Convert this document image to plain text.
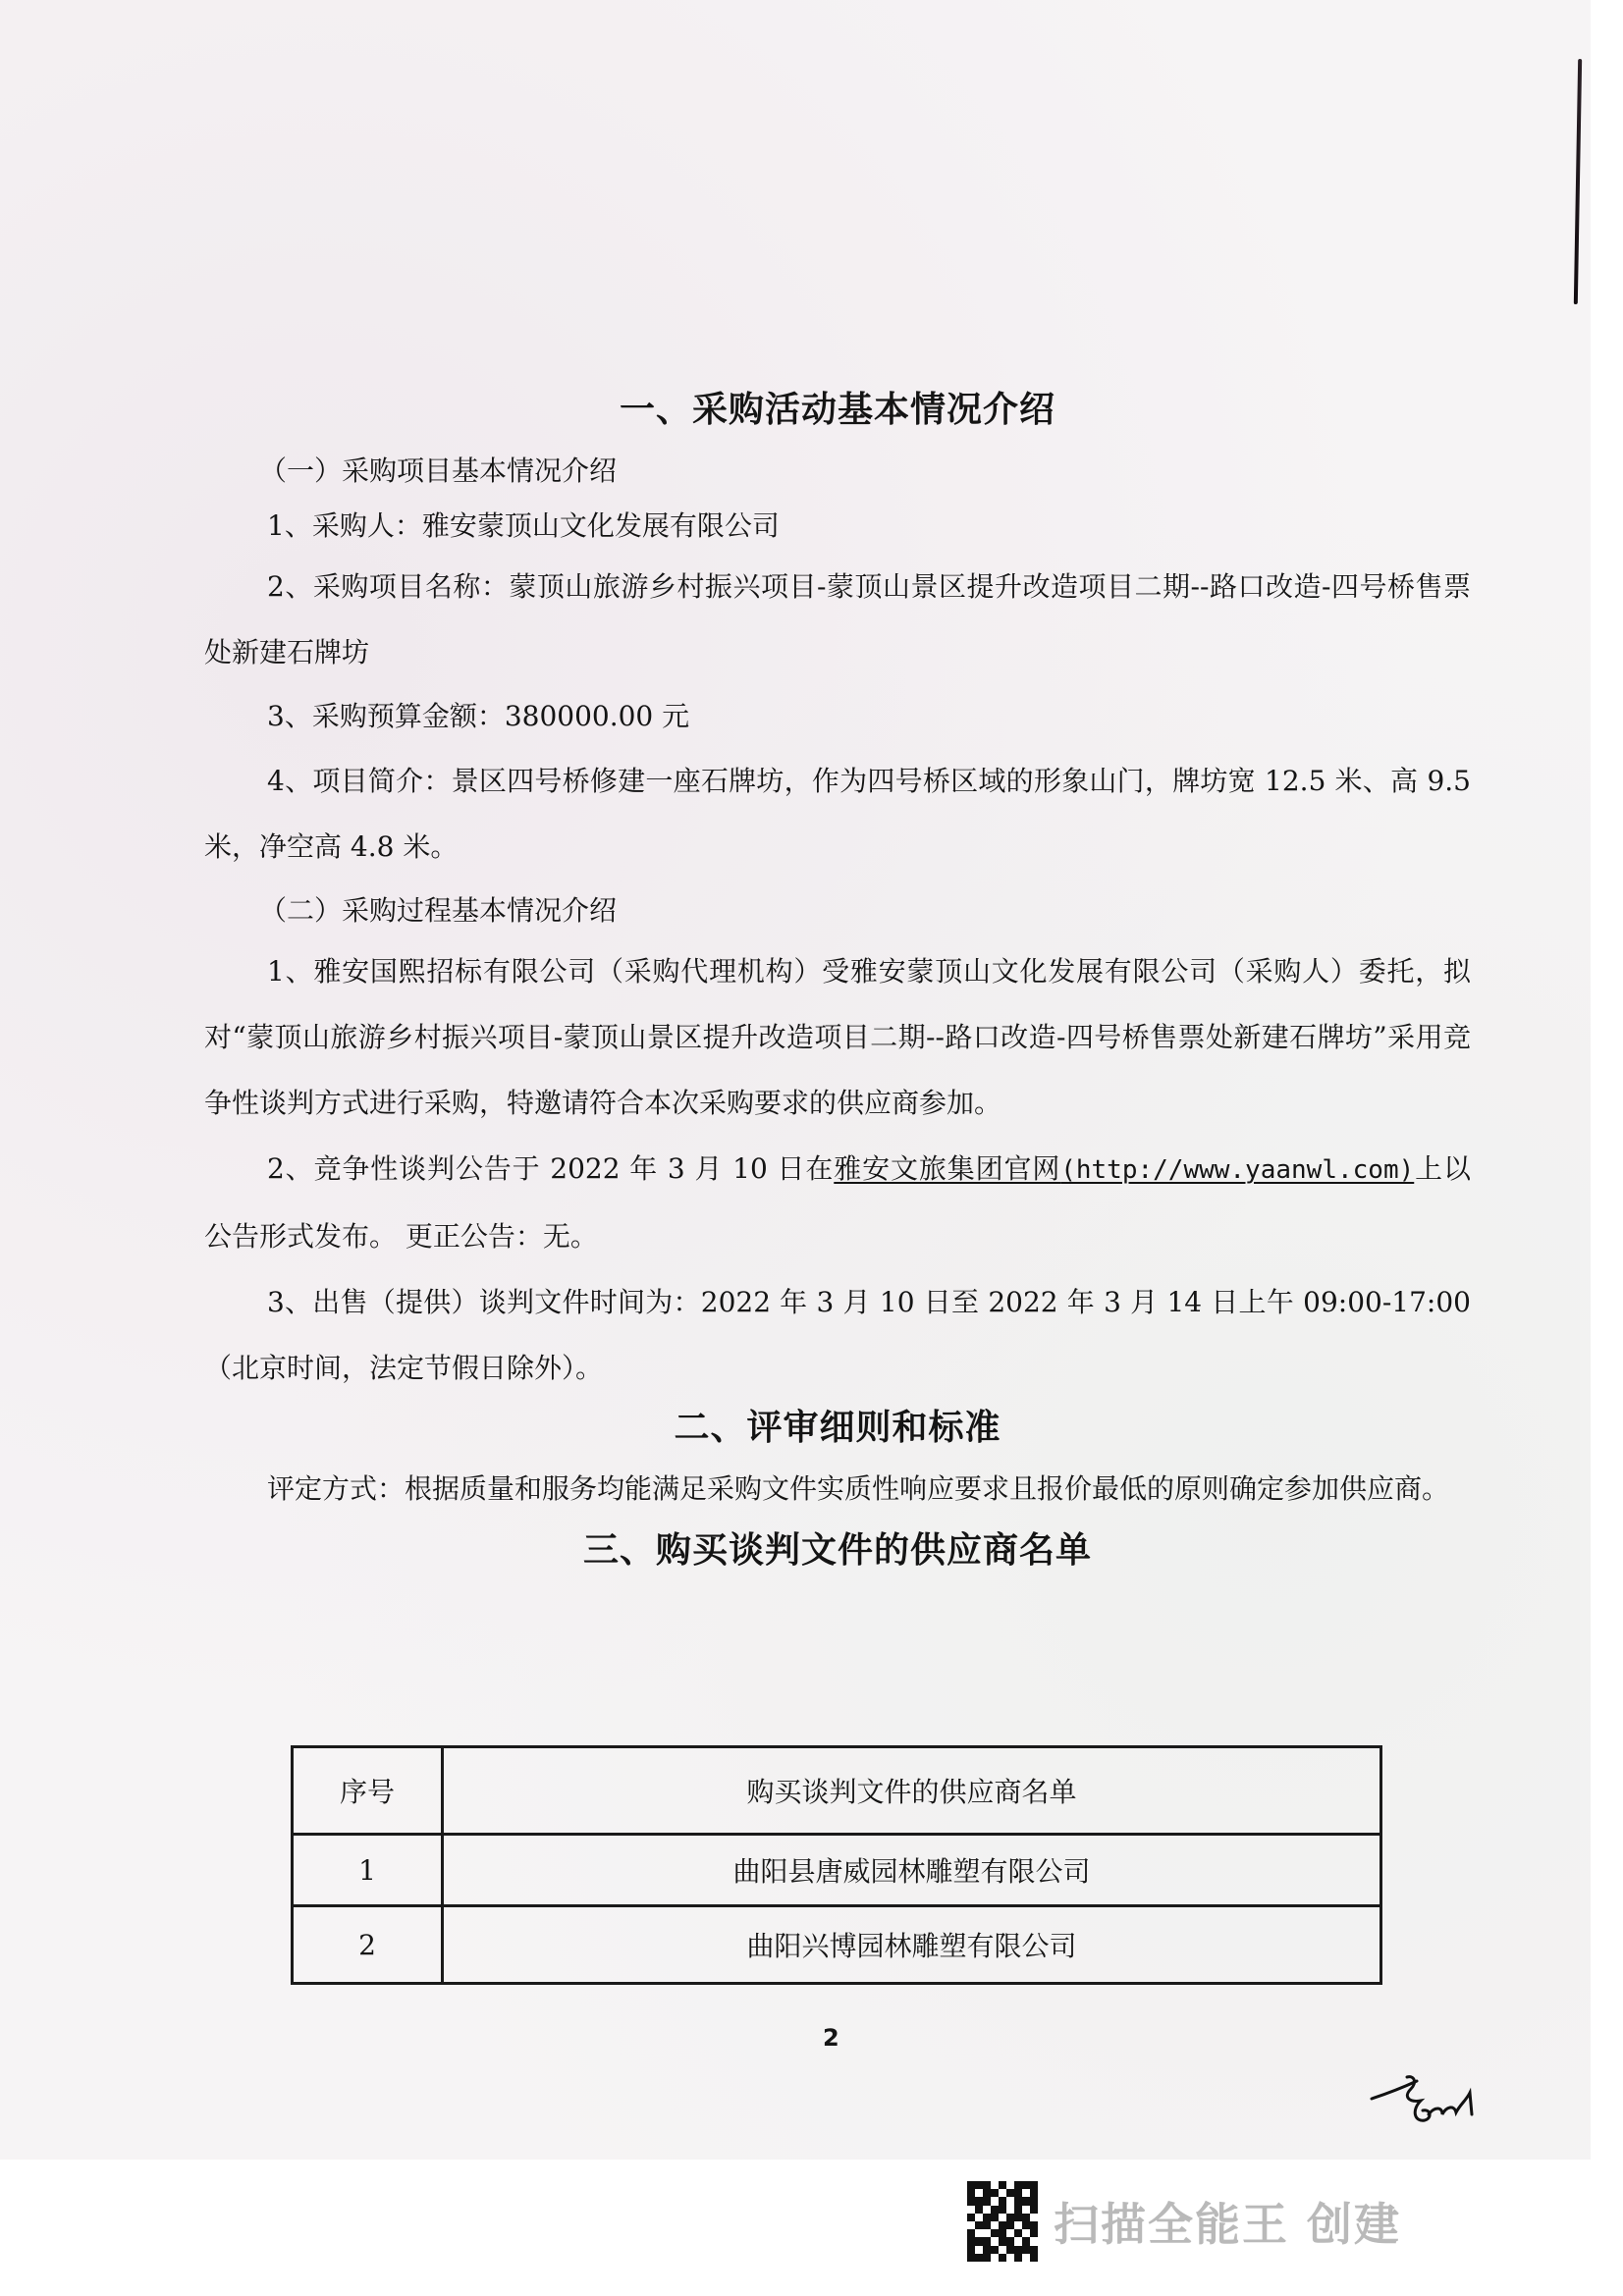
一、采购活动基本情况介绍

（一）采购项目基本情况介绍

1、采购人：雅安蒙顶山文化发展有限公司

2、采购项目名称：蒙顶山旅游乡村振兴项目-蒙顶山景区提升改造项目二期--路口改造-四号桥售票处新建石牌坊

3、采购预算金额：380000.00 元

4、项目简介：景区四号桥修建一座石牌坊，作为四号桥区域的形象山门，牌坊宽 12.5 米、高 9.5 米，净空高 4.8 米。

（二）采购过程基本情况介绍

1、雅安国熙招标有限公司（采购代理机构）受雅安蒙顶山文化发展有限公司（采购人）委托，拟对“蒙顶山旅游乡村振兴项目-蒙顶山景区提升改造项目二期--路口改造-四号桥售票处新建石牌坊”采用竞争性谈判方式进行采购，特邀请符合本次采购要求的供应商参加。

2、竞争性谈判公告于 2022 年 3 月 10 日在雅安文旅集团官网(http://www.yaanwl.com)上以公告形式发布。 更正公告：无。

3、出售（提供）谈判文件时间为：2022 年 3 月 10 日至 2022 年 3 月 14 日上午 09:00-17:00（北京时间，法定节假日除外）。

二、评审细则和标准

评定方式：根据质量和服务均能满足采购文件实质性响应要求且报价最低的原则确定参加供应商。

三、购买谈判文件的供应商名单
序号	购买谈判文件的供应商名单
1	曲阳县唐威园林雕塑有限公司
2	曲阳兴博园林雕塑有限公司
2
扫描全能王 创建
